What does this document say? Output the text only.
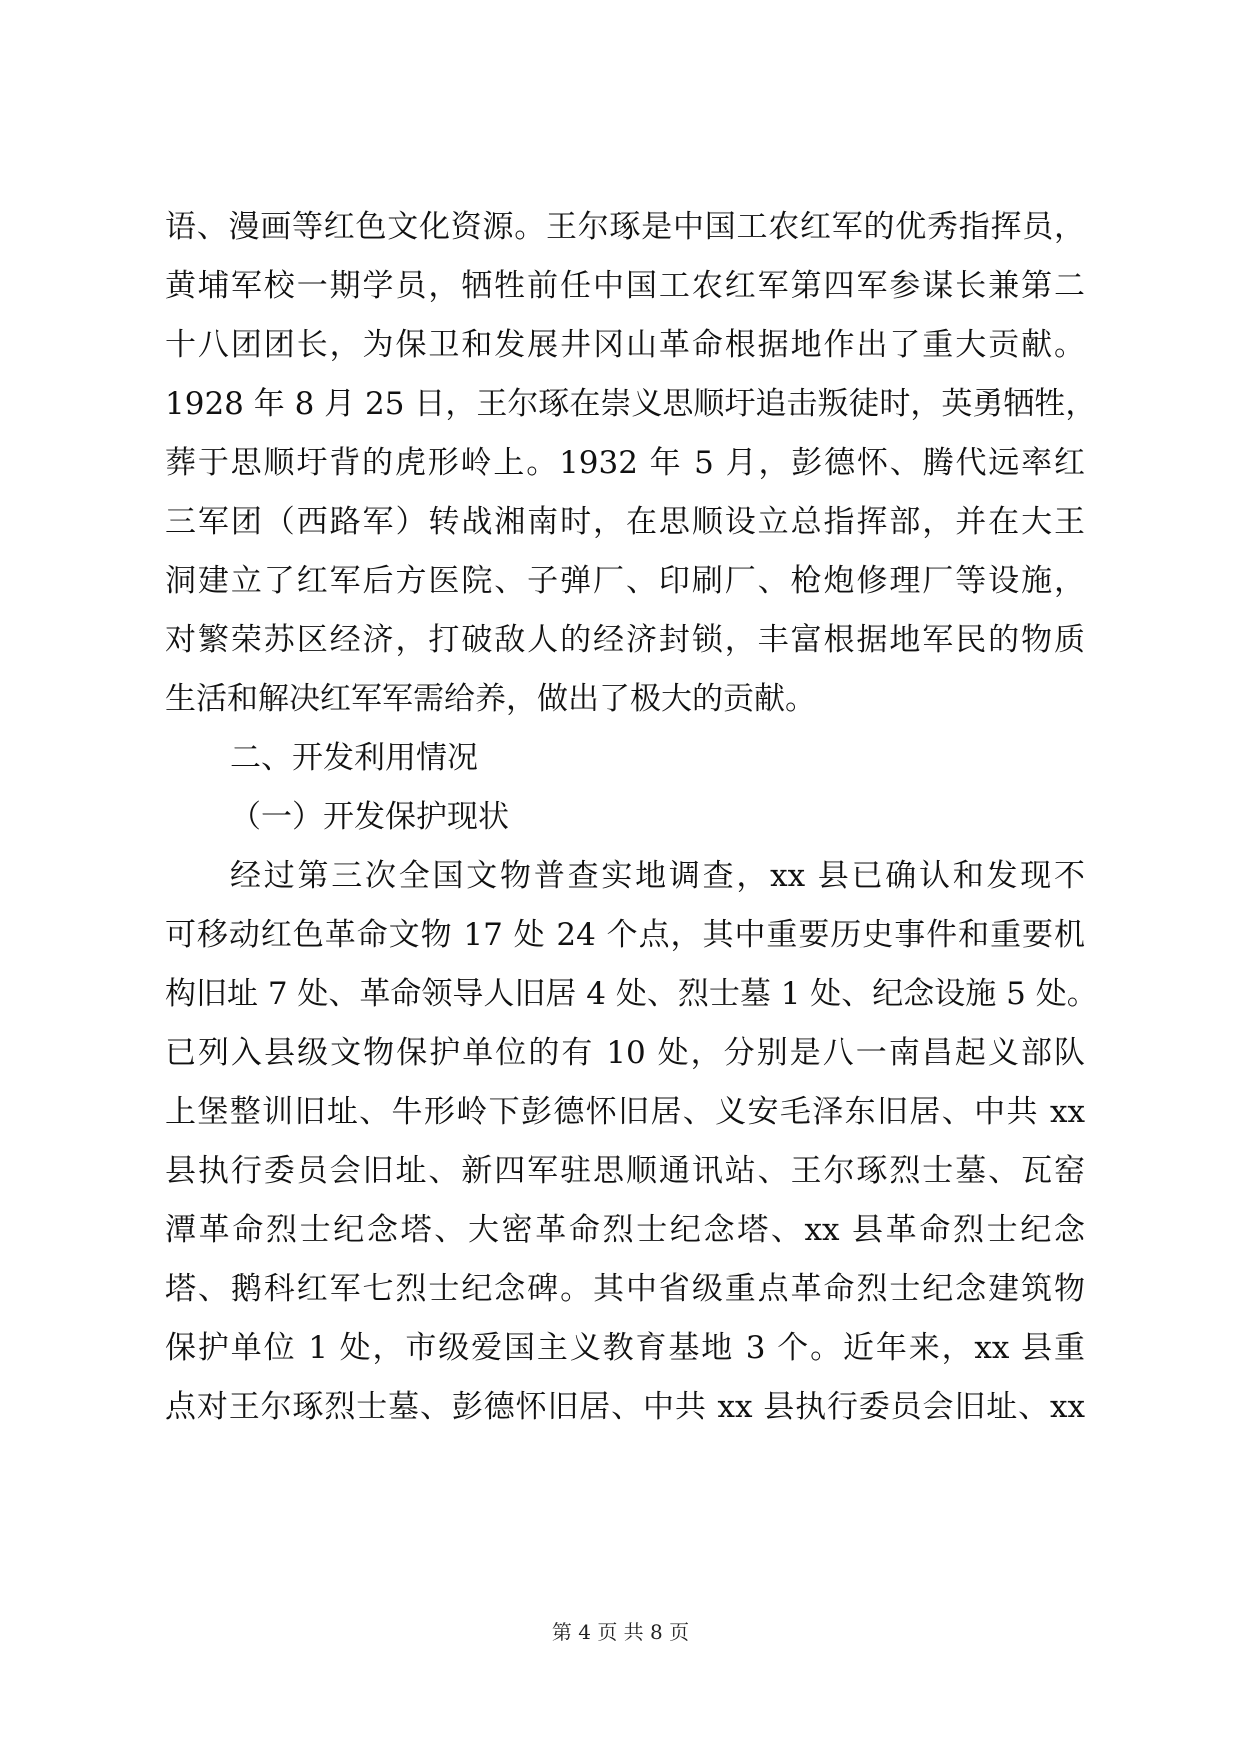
语、漫画等红色文化资源。王尔琢是中国工农红军的优秀指挥员，
黄埔军校一期学员，牺牲前任中国工农红军第四军参谋长兼第二
十八团团长，为保卫和发展井冈山革命根据地作出了重大贡献。
1928 年 8 月 25 日，王尔琢在崇义思顺圩追击叛徒时，英勇牺牲，
葬于思顺圩背的虎形岭上。1932 年 5 月，彭德怀、腾代远率红
三军团（西路军）转战湘南时，在思顺设立总指挥部，并在大王
洞建立了红军后方医院、子弹厂、印刷厂、枪炮修理厂等设施，
对繁荣苏区经济，打破敌人的经济封锁，丰富根据地军民的物质
生活和解决红军军需给养，做出了极大的贡献。
二、开发利用情况
（一）开发保护现状
经过第三次全国文物普查实地调查，xx 县已确认和发现不
可移动红色革命文物 17 处 24 个点，其中重要历史事件和重要机
构旧址 7 处、革命领导人旧居 4 处、烈士墓 1 处、纪念设施 5 处。
已列入县级文物保护单位的有 10 处，分别是八一南昌起义部队
上堡整训旧址、牛形岭下彭德怀旧居、义安毛泽东旧居、中共 xx
县执行委员会旧址、新四军驻思顺通讯站、王尔琢烈士墓、瓦窑
潭革命烈士纪念塔、大密革命烈士纪念塔、xx 县革命烈士纪念
塔、鹅科红军七烈士纪念碑。其中省级重点革命烈士纪念建筑物
保护单位 1 处，市级爱国主义教育基地 3 个。近年来，xx 县重
点对王尔琢烈士墓、彭德怀旧居、中共 xx 县执行委员会旧址、xx
第 4 页 共 8 页
